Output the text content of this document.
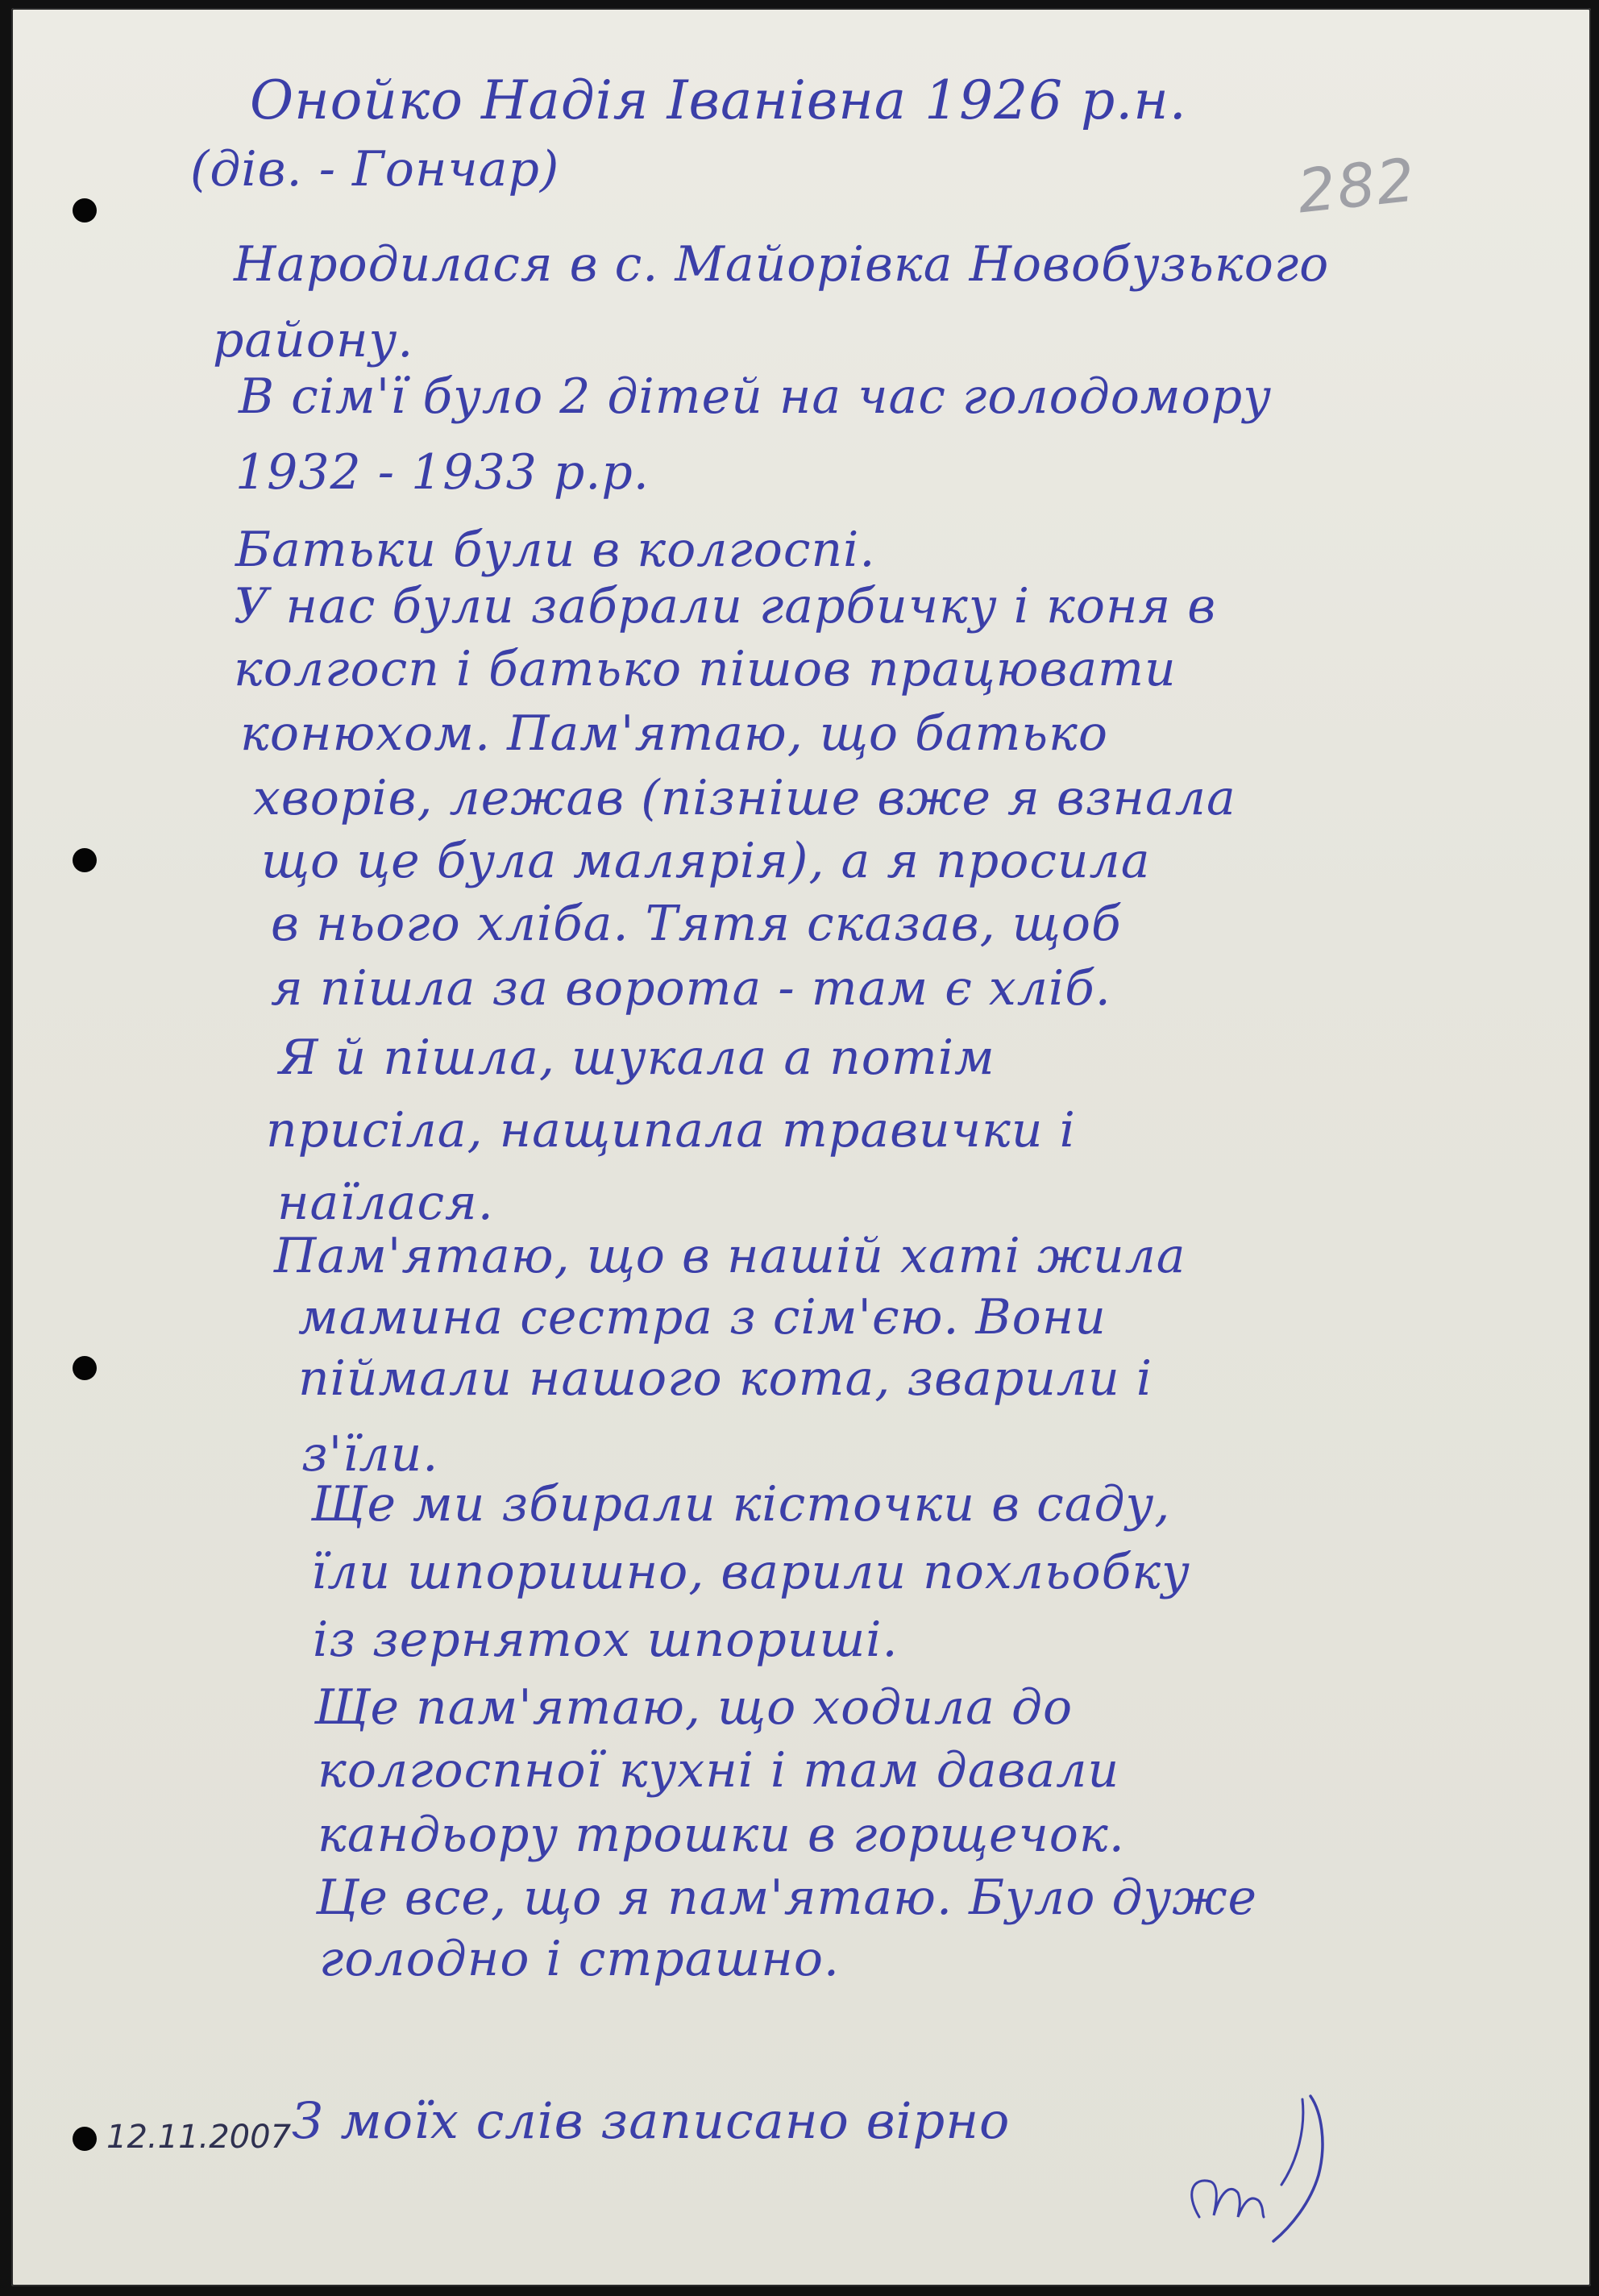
Онойко Надія Іванівна 1926 р.н.

(дів. - Гончар)	282

Народилася в с. Майорівка Новобузького

району.

В сім'ї було 2 дітей на час голодомору

1932 - 1933 р.р.

Батьки були в колгоспі.

У нас були забрали гарбичку і коня в

колгосп і батько пішов працювати

конюхом. Пам'ятаю, що батько

хворів, лежав (пізніше вже я взнала

що це була малярія), а я просила

в нього хліба. Тятя сказав, щоб

я пішла за ворота - там є хліб.

Я й пішла, шукала а потім

присіла, нащипала травички і

наїлася.

Пам'ятаю, що в нашій хаті жила

мамина сестра з сім'єю. Вони

піймали нашого кота, зварили і

з'їли.

Ще ми збирали кісточки в саду,

їли шпоришно, варили похльобку

із зернятох шпориші.

Ще пам'ятаю, що ходила до

колгоспної кухні і там давали

кандьору трошки в горщечок.

Це все, що я пам'ятаю. Було дуже

голодно і страшно.

12.11.2007 З моїх слів записано вірно
